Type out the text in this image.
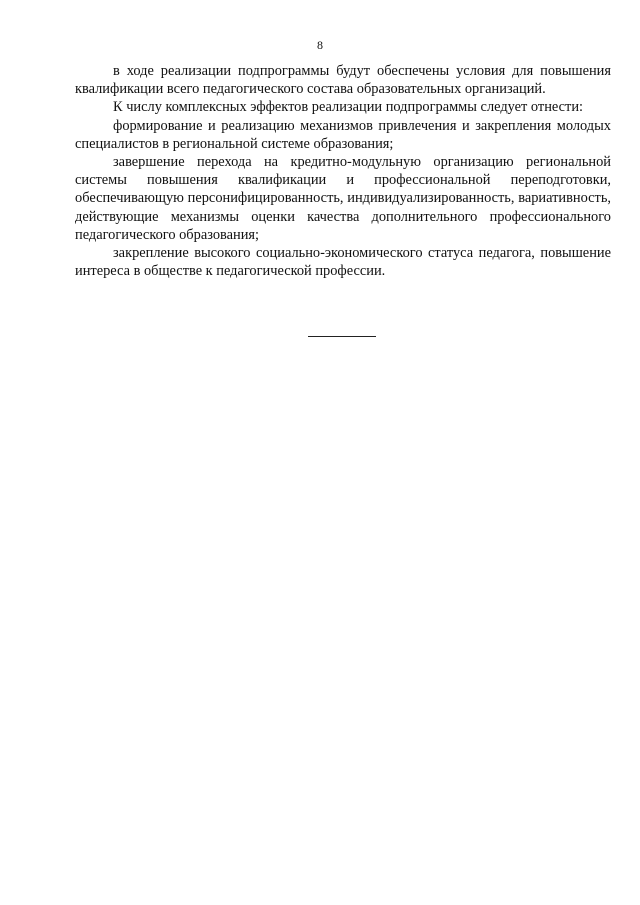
8

в ходе реализации подпрограммы будут обеспечены условия для повышения квалификации всего педагогического состава образовательных организаций.

К числу комплексных эффектов реализации подпрограммы следует отнести:

формирование и реализацию механизмов привлечения и закрепления молодых специалистов в региональной системе образования;

завершение перехода на кредитно-модульную организацию региональной системы повышения квалификации и профессиональной переподготовки, обеспечивающую персонифицированность, индивидуализированность, вариативность, действующие механизмы оценки качества дополнительного профессионального педагогического образования;

закрепление высокого социально-экономического статуса педагога, повышение интереса в обществе к педагогической профессии.
